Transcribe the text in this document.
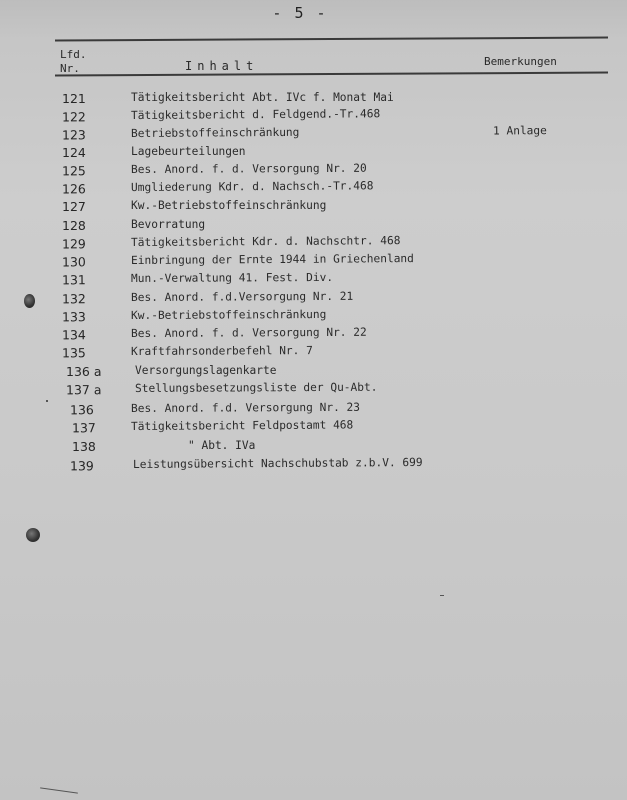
- 5 -
Lfd.
Nr.	Inhalt	Bemerkungen
121	Tätigkeitsbericht Abt. IVc f. Monat Mai
122	Tätigkeitsbericht d. Feldgend.-Tr.468
123	Betriebstoffeinschränkung	1 Anlage
124	Lagebeurteilungen
125	Bes. Anord. f. d. Versorgung Nr. 20
126	Umgliederung Kdr. d. Nachsch.-Tr.468
127	Kw.-Betriebstoffeinschränkung
128	Bevorratung
129	Tätigkeitsbericht Kdr. d. Nachschtr. 468
130	Einbringung der Ernte 1944 in Griechenland
131	Mun.-Verwaltung 41. Fest. Div.
132	Bes. Anord. f.d.Versorgung Nr. 21
133	Kw.-Betriebstoffeinschränkung
134	Bes. Anord. f. d. Versorgung Nr. 22
135	Kraftfahrsonderbefehl Nr. 7
136 a	Versorgungslagenkarte
137 a	Stellungsbesetzungsliste der Qu-Abt.
136	Bes. Anord. f.d. Versorgung Nr. 23
137	Tätigkeitsbericht Feldpostamt 468
138	" Abt. IVa
139	Leistungsübersicht Nachschubstab z.b.V. 699
